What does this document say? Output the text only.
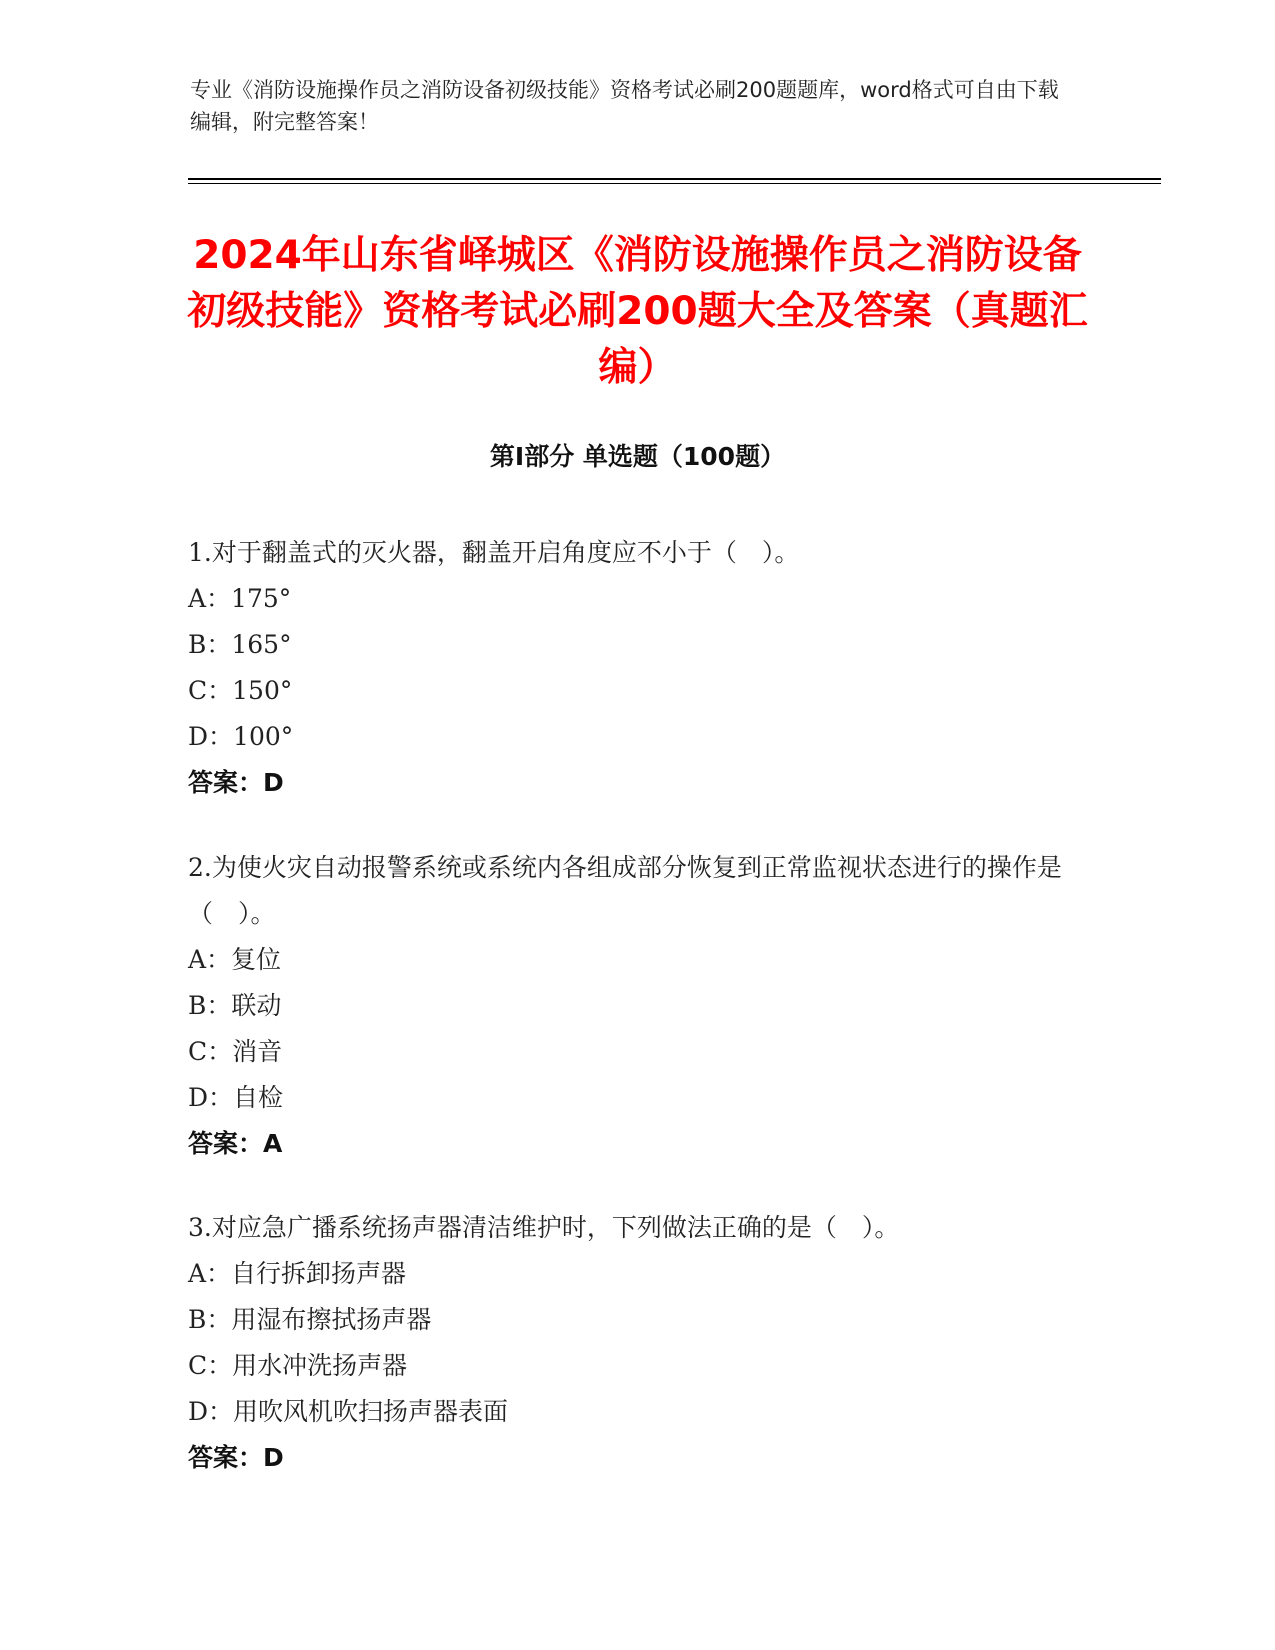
专业《消防设施操作员之消防设备初级技能》资格考试必刷200题题库，word格式可自由下载编辑，附完整答案！
2024年山东省峄城区《消防设施操作员之消防设备初级技能》资格考试必刷200题大全及答案（真题汇编）
第I部分 单选题（100题）

1.对于翻盖式的灭火器，翻盖开启角度应不小于（　）。

A：175°

B：165°

C：150°

D：100°

答案：D

2.为使火灾自动报警系统或系统内各组成部分恢复到正常监视状态进行的操作是（　）。

A：复位

B：联动

C：消音

D：自检

答案：A

3.对应急广播系统扬声器清洁维护时，下列做法正确的是（　）。

A：自行拆卸扬声器

B：用湿布擦拭扬声器

C：用水冲洗扬声器

D：用吹风机吹扫扬声器表面

答案：D
